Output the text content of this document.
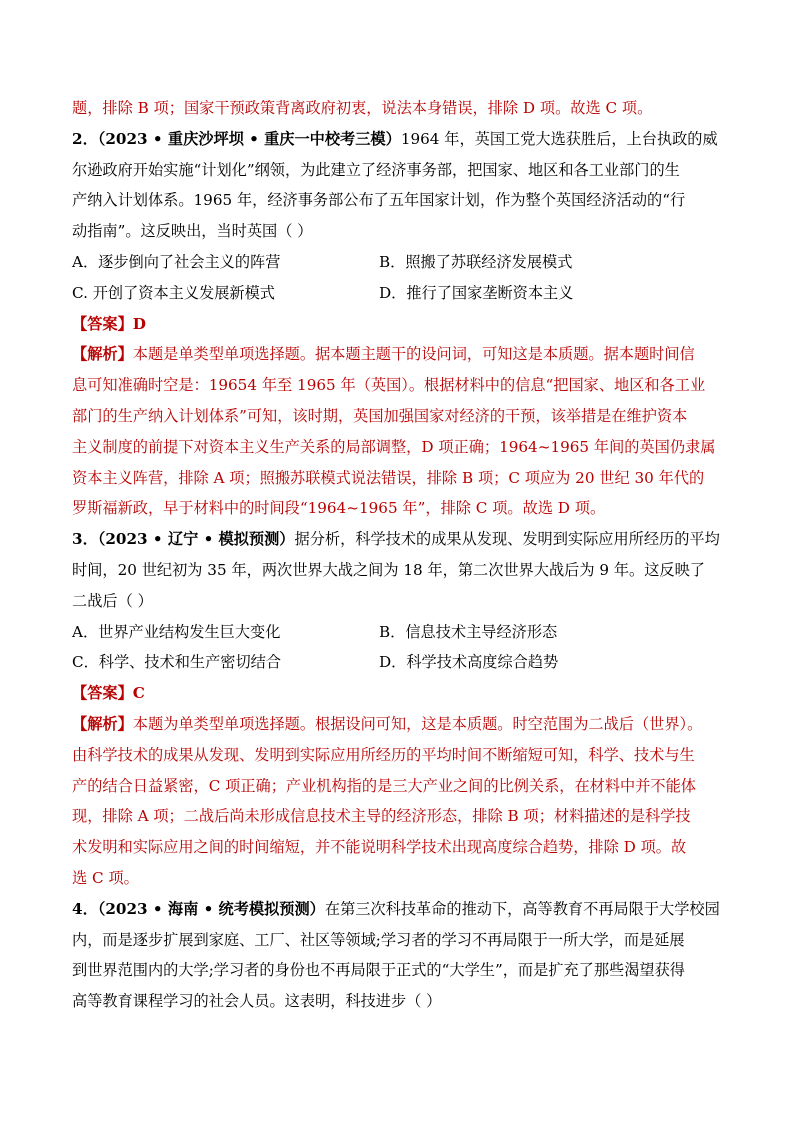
题，排除 B 项；国家干预政策背离政府初衷，说法本身错误，排除 D 项。故选 C 项。
2．（2023 • 重庆沙坪坝 • 重庆一中校考三模）1964 年，英国工党大选获胜后，上台执政的威
尔逊政府开始实施“计划化”纲领，为此建立了经济事务部，把国家、地区和各工业部门的生
产纳入计划体系。1965 年，经济事务部公布了五年国家计划，作为整个英国经济活动的“行
动指南”。这反映出，当时英国（ ）
A．逐步倒向了社会主义的阵营	B．照搬了苏联经济发展模式
C. 开创了资本主义发展新模式	D．推行了国家垄断资本主义
【答案】D
【解析】本题是单类型单项选择题。据本题主题干的设问词，可知这是本质题。据本题时间信
息可知准确时空是：19654 年至 1965 年（英国）。根据材料中的信息“把国家、地区和各工业
部门的生产纳入计划体系”可知，该时期，英国加强国家对经济的干预，该举措是在维护资本
主义制度的前提下对资本主义生产关系的局部调整，D 项正确；1964~1965 年间的英国仍隶属
资本主义阵营，排除 A 项；照搬苏联模式说法错误，排除 B 项；C 项应为 20 世纪 30 年代的
罗斯福新政，早于材料中的时间段“1964~1965 年”，排除 C 项。故选 D 项。
3．（2023 • 辽宁 • 模拟预测）据分析，科学技术的成果从发现、发明到实际应用所经历的平均
时间，20 世纪初为 35 年，两次世界大战之间为 18 年，第二次世界大战后为 9 年。这反映了
二战后（ ）
A．世界产业结构发生巨大变化	B．信息技术主导经济形态
C．科学、技术和生产密切结合	D．科学技术高度综合趋势
【答案】C
【解析】本题为单类型单项选择题。根据设问可知，这是本质题。时空范围为二战后（世界）。
由科学技术的成果从发现、发明到实际应用所经历的平均时间不断缩短可知，科学、技术与生
产的结合日益紧密，C 项正确；产业机构指的是三大产业之间的比例关系，在材料中并不能体
现，排除 A 项；二战后尚未形成信息技术主导的经济形态，排除 B 项；材料描述的是科学技
术发明和实际应用之间的时间缩短，并不能说明科学技术出现高度综合趋势，排除 D 项。故
选 C 项。
4．（2023 • 海南 • 统考模拟预测）在第三次科技革命的推动下，高等教育不再局限于大学校园
内，而是逐步扩展到家庭、工厂、社区等领域;学习者的学习不再局限于一所大学，而是延展
到世界范围内的大学;学习者的身份也不再局限于正式的“大学生”，而是扩充了那些渴望获得
高等教育课程学习的社会人员。这表明，科技进步（ ）
